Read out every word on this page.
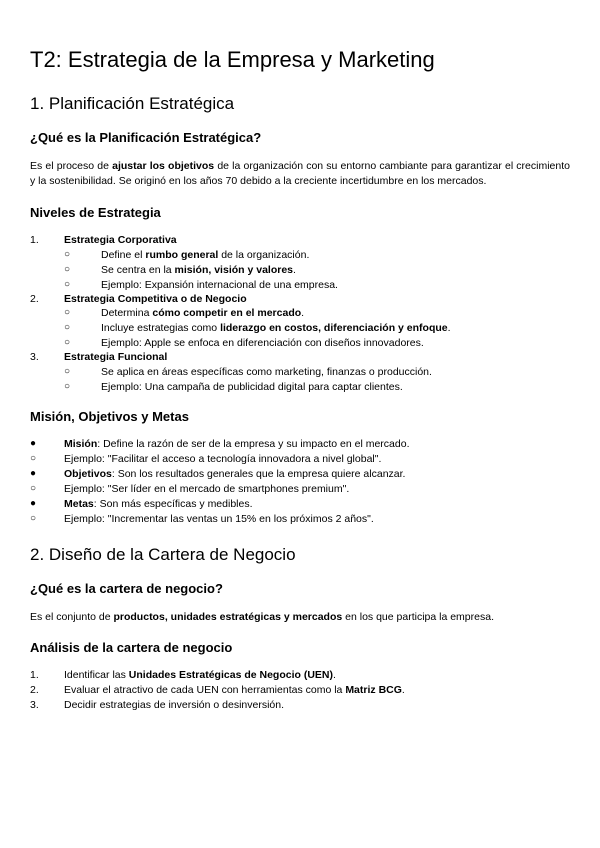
T2: Estrategia de la Empresa y Marketing
1. Planificación Estratégica
¿Qué es la Planificación Estratégica?

Es el proceso de ajustar los objetivos de la organización con su entorno cambiante para garantizar el crecimiento y la sostenibilidad. Se originó en los años 70 debido a la creciente incertidumbre en los mercados.

Niveles de Estrategia
1. Estrategia Corporativa
○	Define el rumbo general de la organización.
○	Se centra en la misión, visión y valores.
○	Ejemplo: Expansión internacional de una empresa.
2. Estrategia Competitiva o de Negocio
○	Determina cómo competir en el mercado.
○	Incluye estrategias como liderazgo en costos, diferenciación y enfoque.
○	Ejemplo: Apple se enfoca en diferenciación con diseños innovadores.
3. Estrategia Funcional
○	Se aplica en áreas específicas como marketing, finanzas o producción.
○	Ejemplo: Una campaña de publicidad digital para captar clientes.
Misión, Objetivos y Metas
●	Misión: Define la razón de ser de la empresa y su impacto en el mercado.
○	Ejemplo: "Facilitar el acceso a tecnología innovadora a nivel global".
●	Objetivos: Son los resultados generales que la empresa quiere alcanzar.
○	Ejemplo: "Ser líder en el mercado de smartphones premium".
●	Metas: Son más específicas y medibles.
○	Ejemplo: "Incrementar las ventas un 15% en los próximos 2 años".
2. Diseño de la Cartera de Negocio
¿Qué es la cartera de negocio?

Es el conjunto de productos, unidades estratégicas y mercados en los que participa la empresa.

Análisis de la cartera de negocio
1. Identificar las Unidades Estratégicas de Negocio (UEN).
2. Evaluar el atractivo de cada UEN con herramientas como la Matriz BCG.
3. Decidir estrategias de inversión o desinversión.
